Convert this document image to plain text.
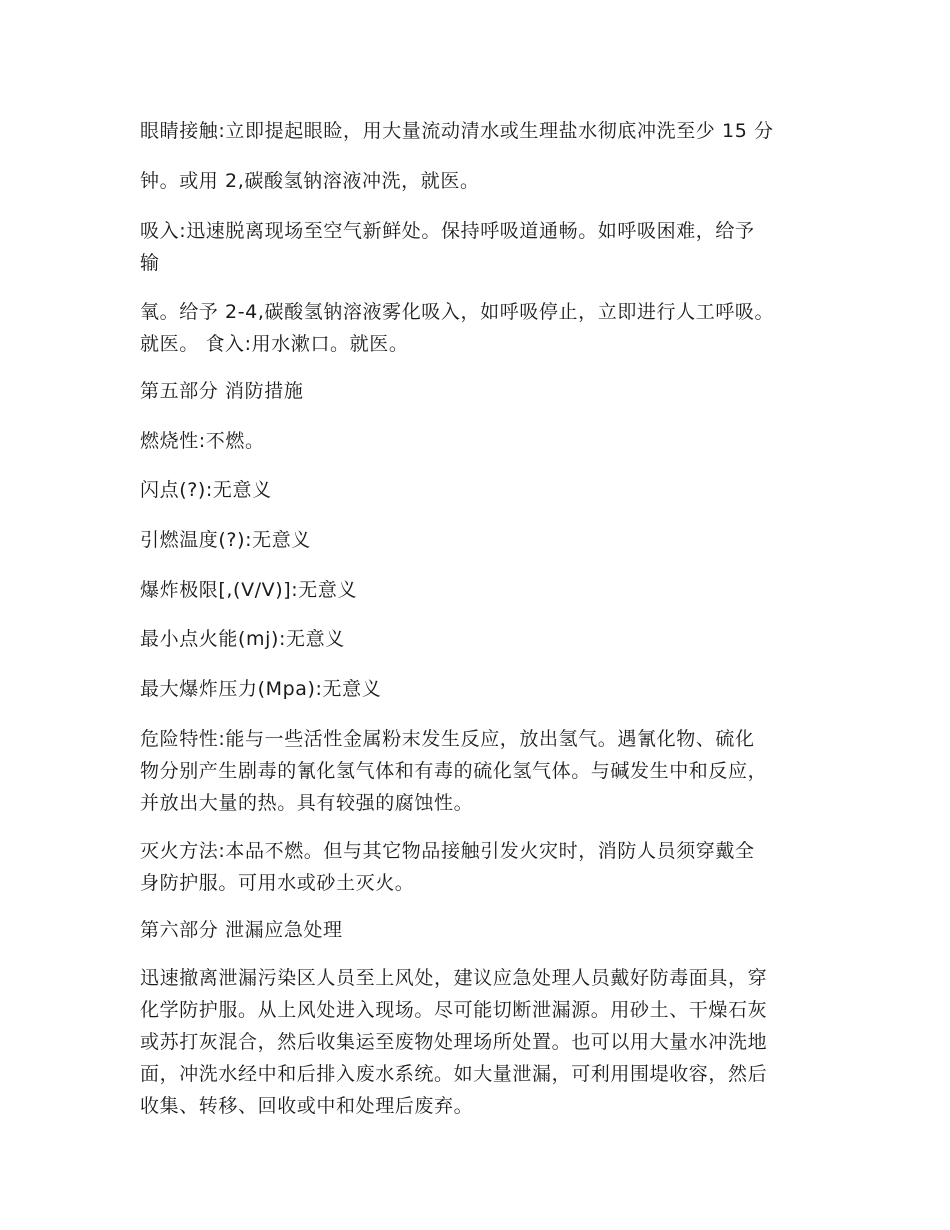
眼睛接触:立即提起眼睑，用大量流动清水或生理盐水彻底冲洗至少 15 分

钟。或用 2,碳酸氢钠溶液冲洗，就医。

吸入:迅速脱离现场至空气新鲜处。保持呼吸道通畅。如呼吸困难，给予
输

氧。给予 2-4,碳酸氢钠溶液雾化吸入，如呼吸停止，立即进行人工呼吸。
就医。 食入:用水漱口。就医。

第五部分 消防措施

燃烧性:不燃。

闪点(?):无意义

引燃温度(?):无意义

爆炸极限[,(V/V)]:无意义

最小点火能(mj):无意义

最大爆炸压力(Mpa):无意义

危险特性:能与一些活性金属粉末发生反应，放出氢气。遇氰化物、硫化
物分别产生剧毒的氰化氢气体和有毒的硫化氢气体。与碱发生中和反应，
并放出大量的热。具有较强的腐蚀性。

灭火方法:本品不燃。但与其它物品接触引发火灾时，消防人员须穿戴全
身防护服。可用水或砂土灭火。

第六部分 泄漏应急处理

迅速撤离泄漏污染区人员至上风处，建议应急处理人员戴好防毒面具，穿
化学防护服。从上风处进入现场。尽可能切断泄漏源。用砂土、干燥石灰
或苏打灰混合，然后收集运至废物处理场所处置。也可以用大量水冲洗地
面，冲洗水经中和后排入废水系统。如大量泄漏，可利用围堤收容，然后
收集、转移、回收或中和处理后废弃。
